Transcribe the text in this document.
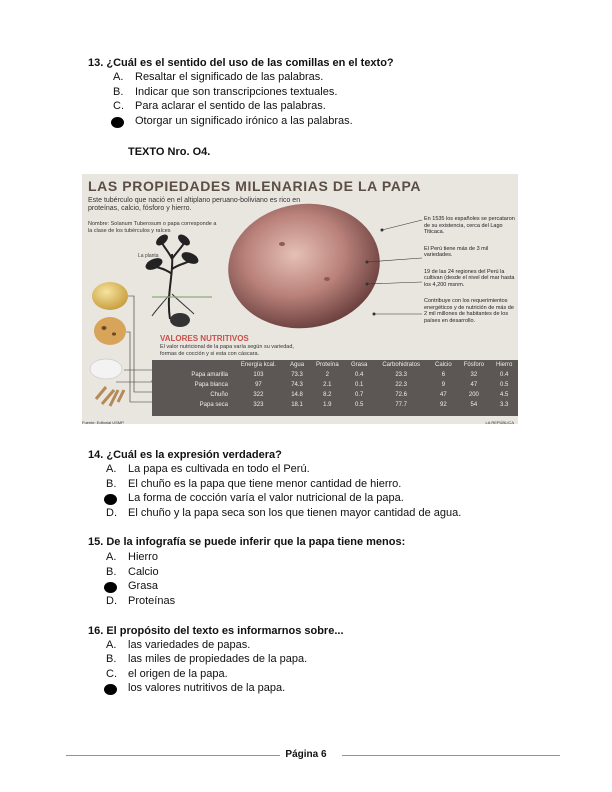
13. ¿Cuál es el sentido del uso de las comillas en el texto?
A. Resaltar el significado de las palabras.
B. Indicar que son transcripciones textuales.
C. Para aclarar el sentido de las palabras.
Otorgar un significado irónico a las palabras.
TEXTO Nro. O4.
LAS PROPIEDADES MILENARIAS DE LA PAPA
Este tubérculo que nació en el altiplano peruano-boliviano es rico en proteínas, calcio, fósforo y hierro.
Nombre: Solanum Tuberosum o papa corresponde a la clase de los tubérculos y raíces
La planta
En 1535 los españoles se percataron de su existencia, cerca del Lago Titicaca.
El Perú tiene más de 3 mil variedades.
19 de las 24 regiones del Perú la cultivan (desde el nivel del mar hasta los 4,200 msnm.
Contribuye con los requerimientos energéticos y de nutrición de más de 2 mil millones de habitantes de los países en desarrollo.
VALORES NUTRITIVOS
El valor nutricional de la papa varía según su variedad, formas de cocción y si esta con cáscara.
	Energía kcal.	Agua	Proteína	Grasa	Carbohidratos	Calcio	Fósforo	Hierro
Papa amarilla	103	73.3	2	0.4	23.3	6	32	0.4
Papa blanca	97	74.3	2.1	0.1	22.3	9	47	0.5
Chuño	322	14.8	8.2	0.7	72.6	47	200	4.5
Papa seca	323	18.1	1.9	0.5	77.7	92	54	3.3
Fuente: Editorial USMP.	LA REPÚBLICA
14. ¿Cuál es la expresión verdadera?
A. La papa es cultivada en todo el Perú.
B. El chuño es la papa que tiene menor cantidad de hierro.
La forma de cocción varía el valor nutricional de la papa.
D. El chuño y la papa seca son los que tienen mayor cantidad de agua.
15. De la infografía se puede inferir que la papa tiene menos:
A. Hierro
B. Calcio
Grasa
D. Proteínas
16. El propósito del texto es informarnos sobre...
A. las variedades de papas.
B. las miles de propiedades de la papa.
C. el origen de la papa.
los valores nutritivos de la papa.
Página 6
